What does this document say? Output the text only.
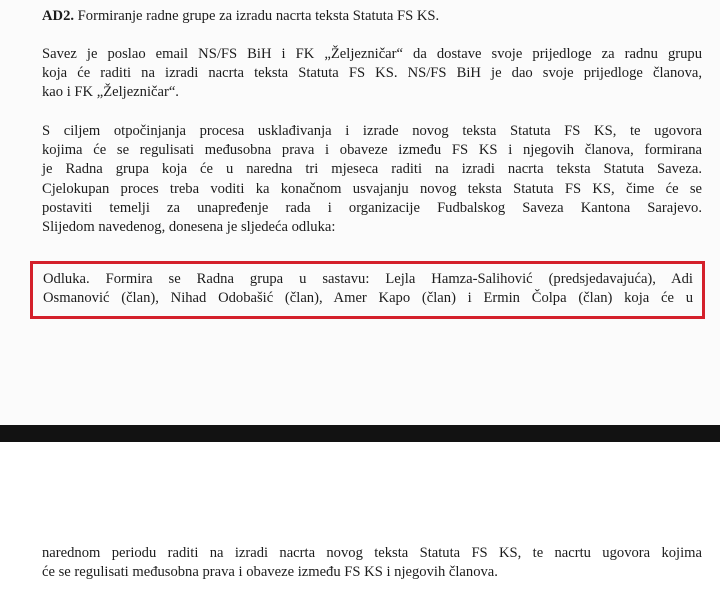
AD2. Formiranje radne grupe za izradu nacrta teksta Statuta FS KS.
Savez je poslao email NS/FS BiH i FK „Željezničar“ da dostave svoje prijedloge za radnu grupu
koja će raditi na izradi nacrta teksta Statuta FS KS. NS/FS BiH je dao svoje prijedloge članova,
kao i FK „Željezničar“.
S ciljem otpočinjanja procesa usklađivanja i izrade novog teksta Statuta FS KS, te ugovora
kojima će se regulisati međusobna prava i obaveze između FS KS i njegovih članova, formirana
je Radna grupa koja će u naredna tri mjeseca raditi na izradi nacrta teksta Statuta Saveza.
Cjelokupan proces treba voditi ka konačnom usvajanju novog teksta Statuta FS KS, čime će se
postaviti temelji za unapređenje rada i organizacije Fudbalskog Saveza Kantona Sarajevo.
Slijedom navedenog, donesena je sljedeća odluka:
Odluka. Formira se Radna grupa u sastavu: Lejla Hamza-Salihović (predsjedavajuća), Adi
Osmanović (član), Nihad Odobašić (član), Amer Kapo (član) i Ermin Čolpa (član) koja će u
narednom periodu raditi na izradi nacrta novog teksta Statuta FS KS, te nacrtu ugovora kojima
će se regulisati međusobna prava i obaveze između FS KS i njegovih članova.
